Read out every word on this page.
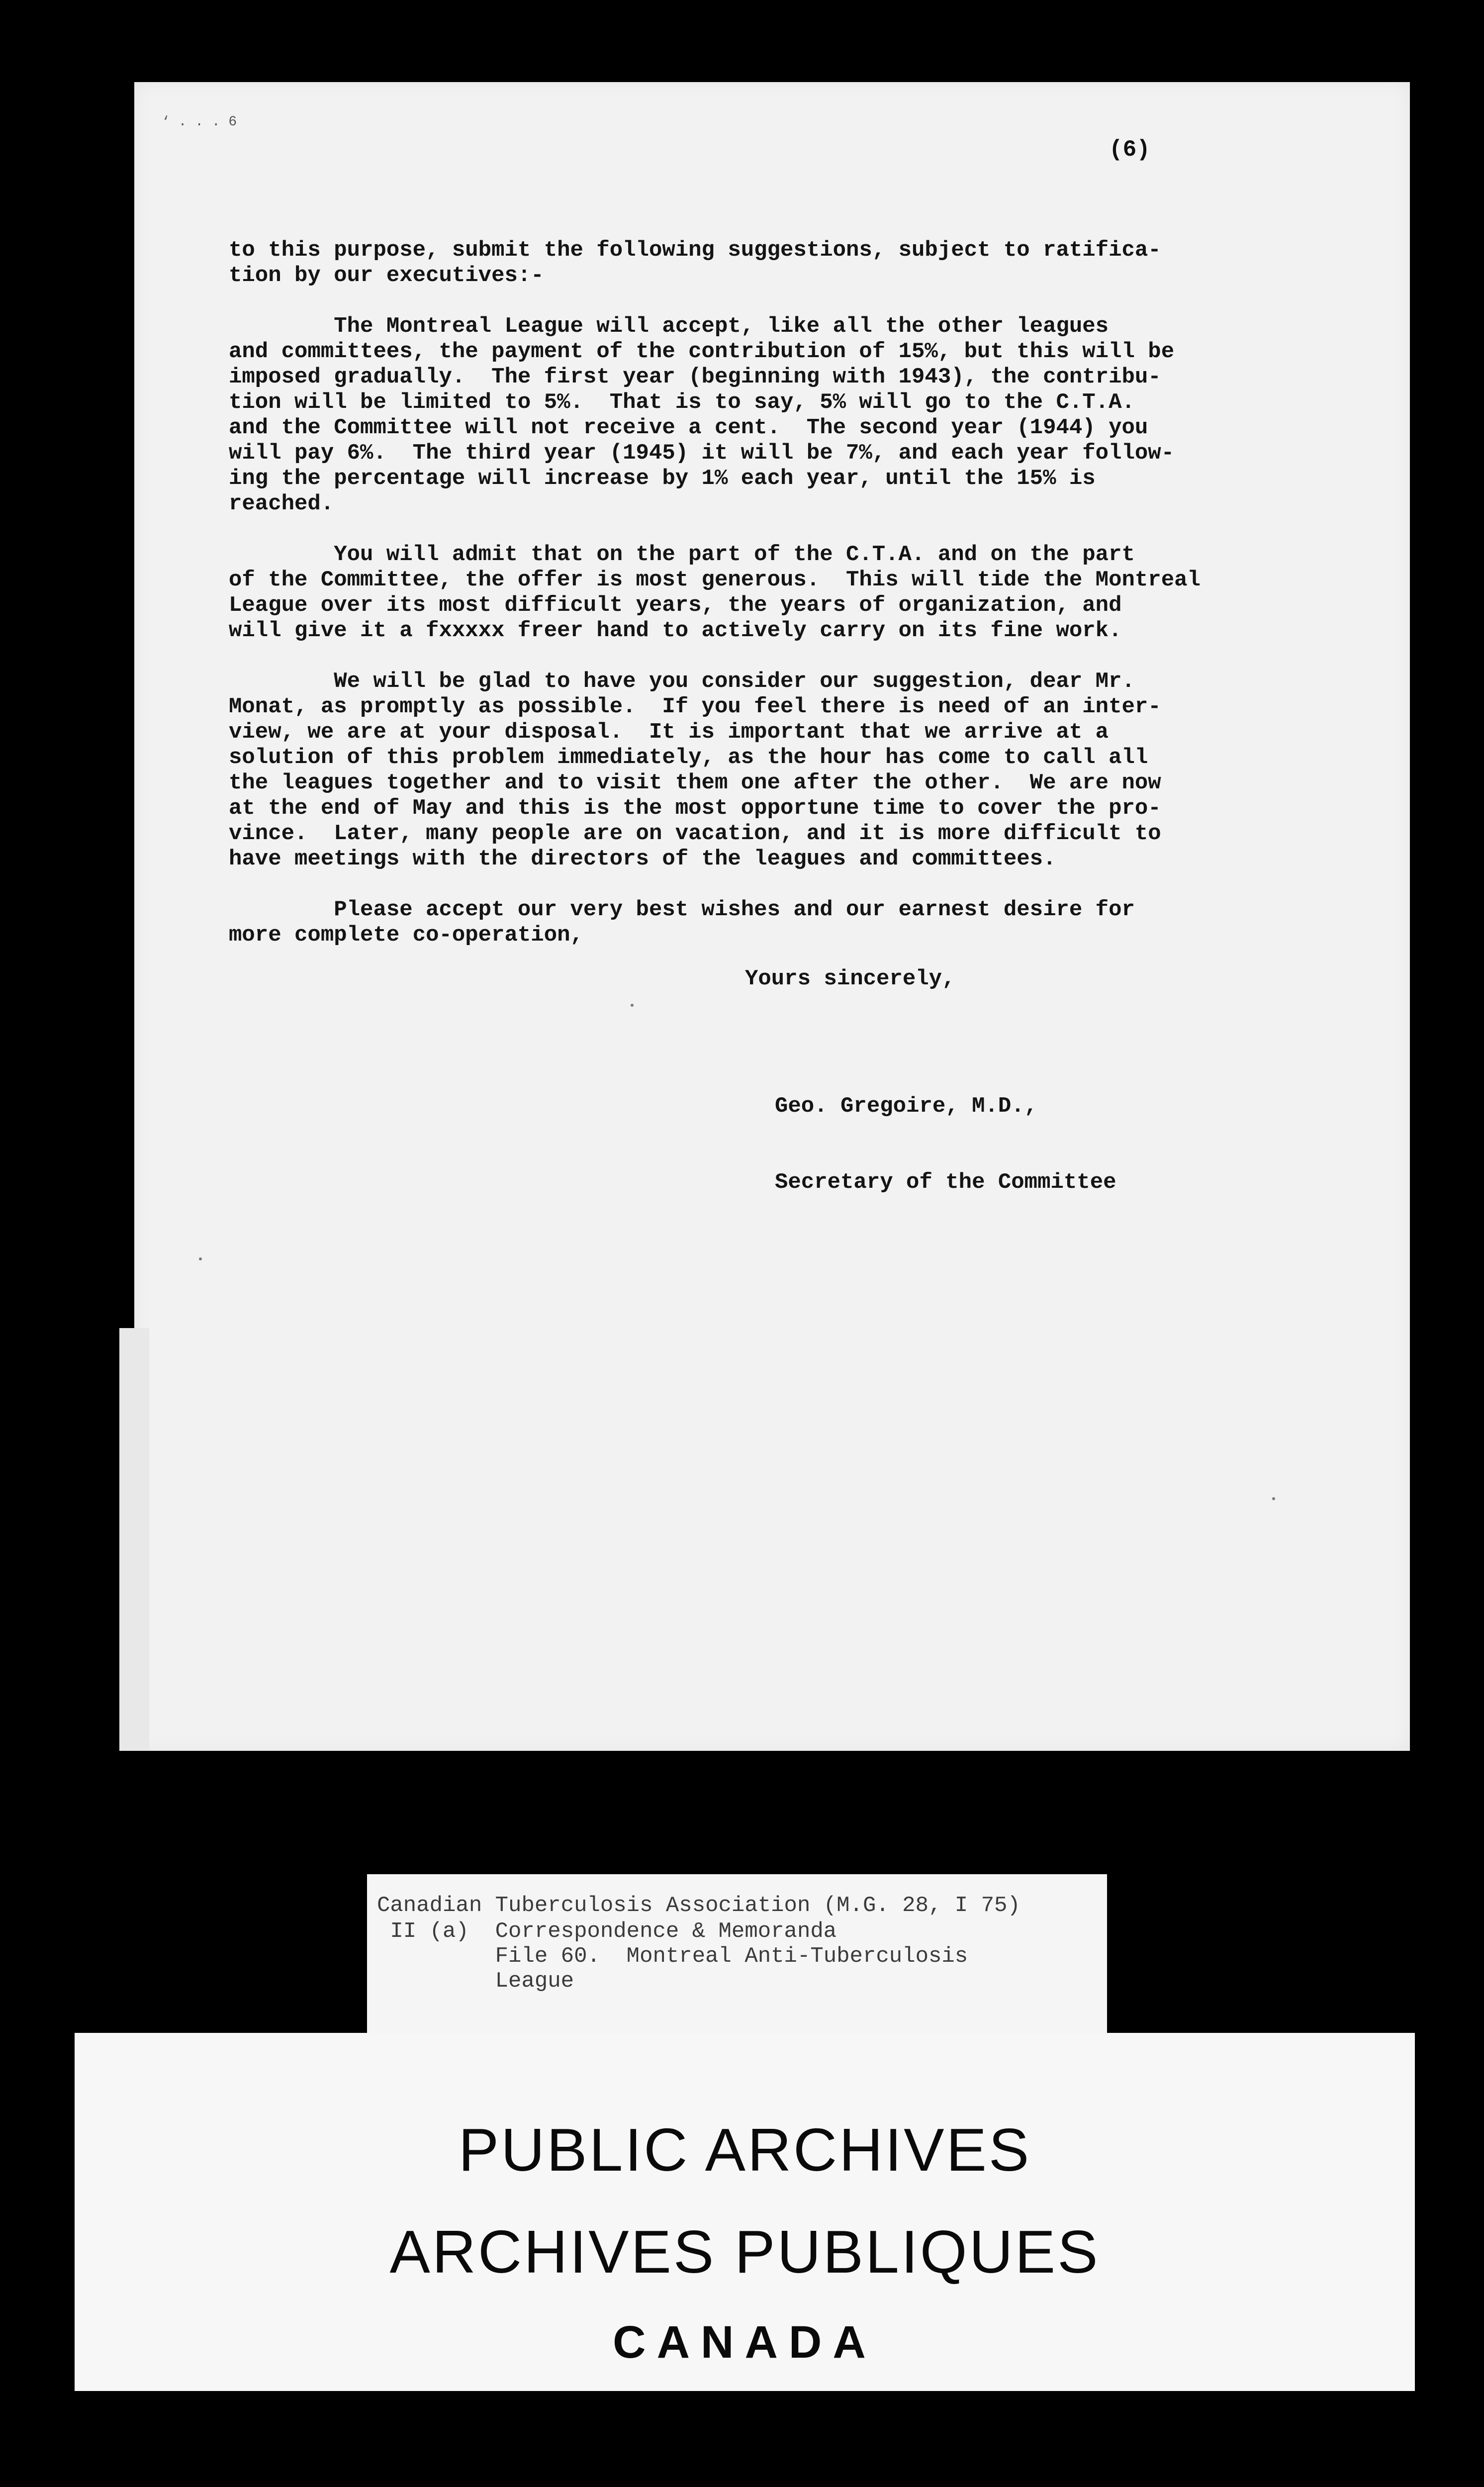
‘ . . . 6
(6)
to this purpose, submit the following suggestions, subject to ratifica-
tion by our executives:-
The Montreal League will accept, like all the other leagues
and committees, the payment of the contribution of 15%, but this will be
imposed gradually.  The first year (beginning with 1943), the contribu-
tion will be limited to 5%.  That is to say, 5% will go to the C.T.A.
and the Committee will not receive a cent.  The second year (1944) you
will pay 6%.  The third year (1945) it will be 7%, and each year follow-
ing the percentage will increase by 1% each year, until the 15% is
reached.
You will admit that on the part of the C.T.A. and on the part
of the Committee, the offer is most generous.  This will tide the Montreal
League over its most difficult years, the years of organization, and
will give it a fxxxxx freer hand to actively carry on its fine work.
We will be glad to have you consider our suggestion, dear Mr.
Monat, as promptly as possible.  If you feel there is need of an inter-
view, we are at your disposal.  It is important that we arrive at a
solution of this problem immediately, as the hour has come to call all
the leagues together and to visit them one after the other.  We are now
at the end of May and this is the most opportune time to cover the pro-
vince.  Later, many people are on vacation, and it is more difficult to
have meetings with the directors of the leagues and committees.
Please accept our very best wishes and our earnest desire for
more complete co-operation,
Yours sincerely,

Geo. Gregoire, M.D.,

Secretary of the Committee

Canadian Tuberculosis Association (M.G. 28, I 75)
II (a)  Correspondence & Memoranda
File 60.  Montreal Anti-Tuberculosis
League
PUBLIC ARCHIVES
ARCHIVES PUBLIQUES
CANADA
